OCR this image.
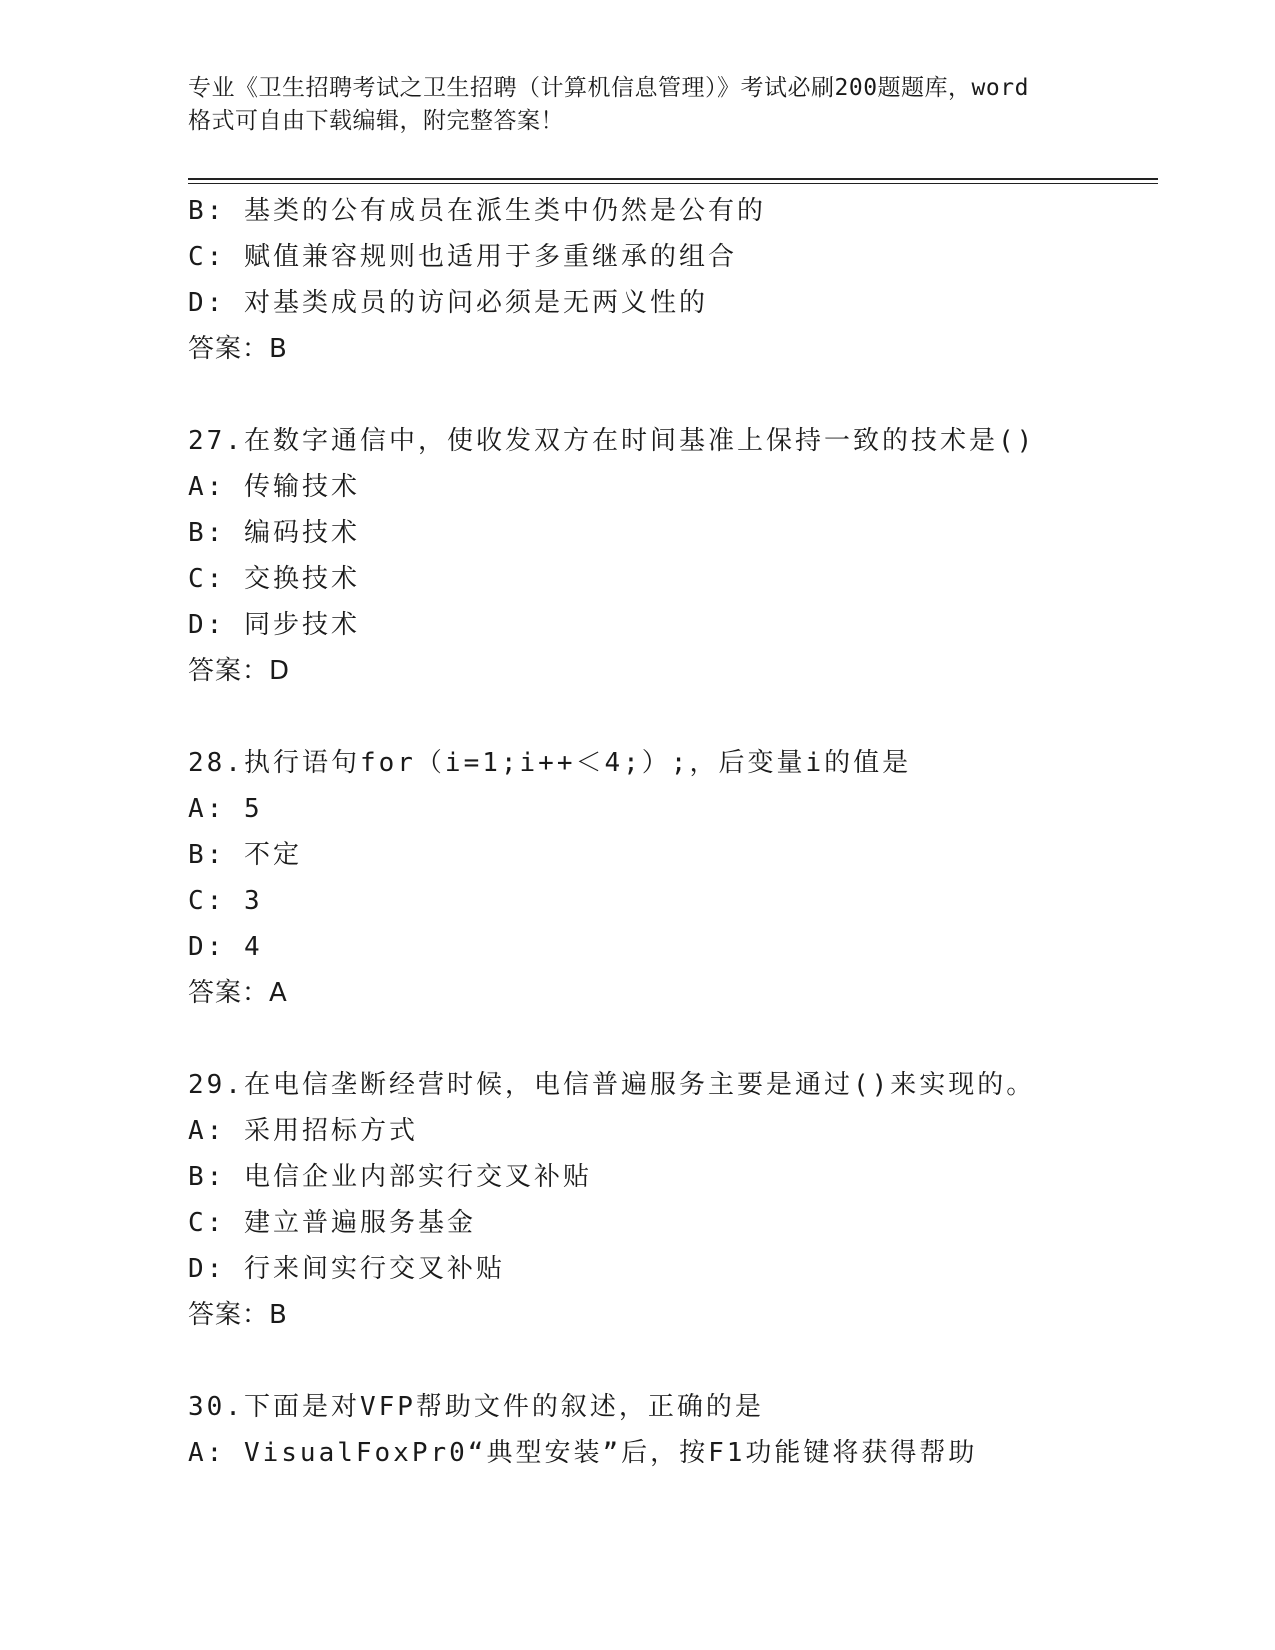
专业《卫生招聘考试之卫生招聘（计算机信息管理）》考试必刷200题题库，word
格式可自由下载编辑，附完整答案！
B: 基类的公有成员在派生类中仍然是公有的
C: 赋值兼容规则也适用于多重继承的组合
D: 对基类成员的访问必须是无两义性的
答案：B
27.在数字通信中，使收发双方在时间基准上保持一致的技术是()
A: 传输技术
B: 编码技术
C: 交换技术
D: 同步技术
答案：D
28.执行语句for（i=1;i++＜4;）;，后变量i的值是
A: 5
B: 不定
C: 3
D: 4
答案：A
29.在电信垄断经营时候，电信普遍服务主要是通过()来实现的。
A: 采用招标方式
B: 电信企业内部实行交叉补贴
C: 建立普遍服务基金
D: 行来间实行交叉补贴
答案：B
30.下面是对VFP帮助文件的叙述，正确的是
A: VisualFoxPr0“典型安装”后，按F1功能键将获得帮助
